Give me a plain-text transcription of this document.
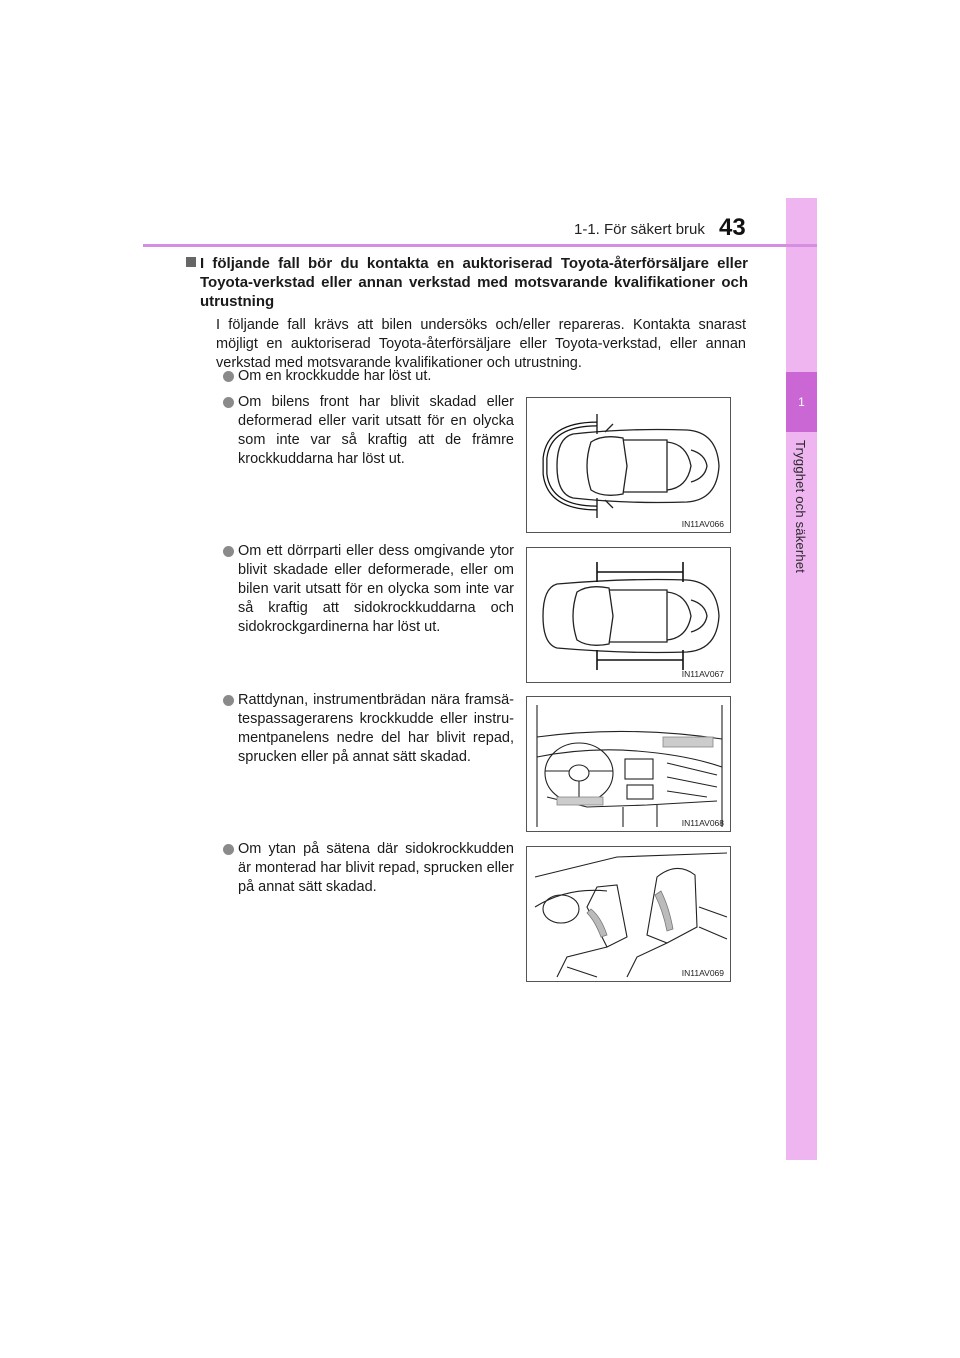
1
Trygghet och säkerhet
1-1. För säkert bruk 43
I följande fall bör du kontakta en auktoriserad Toyota-återförsäljare eller Toyota-verkstad eller annan verkstad med motsvarande kvalifikationer och utrustning
I följande fall krävs att bilen undersöks och/eller repareras. Kontakta snarast möjligt en auktoriserad Toyota-återförsäljare eller Toyota-verkstad, eller annan verkstad med motsvarande kvalifikationer och utrustning.
Om en krockkudde har löst ut.
Om bilens front har blivit skadad eller deformerad eller varit utsatt för en olycka som inte var så kraftig att de främre krockkuddarna har löst ut.
IN11AV066
Om ett dörrparti eller dess omgivande ytor blivit skadade eller deformerade, eller om bilen varit utsatt för en olycka som inte var så kraftig att sidokrockkuddarna och sidokrockgardinerna har löst ut.
IN11AV067
Rattdynan, instrumentbrädan nära framsä-tespassagerarens krockkudde eller instru-mentpanelens nedre del har blivit repad, sprucken eller på annat sätt skadad.
IN11AV068
Om ytan på sätena där sidokrockkudden är monterad har blivit repad, sprucken eller på annat sätt skadad.
IN11AV069
